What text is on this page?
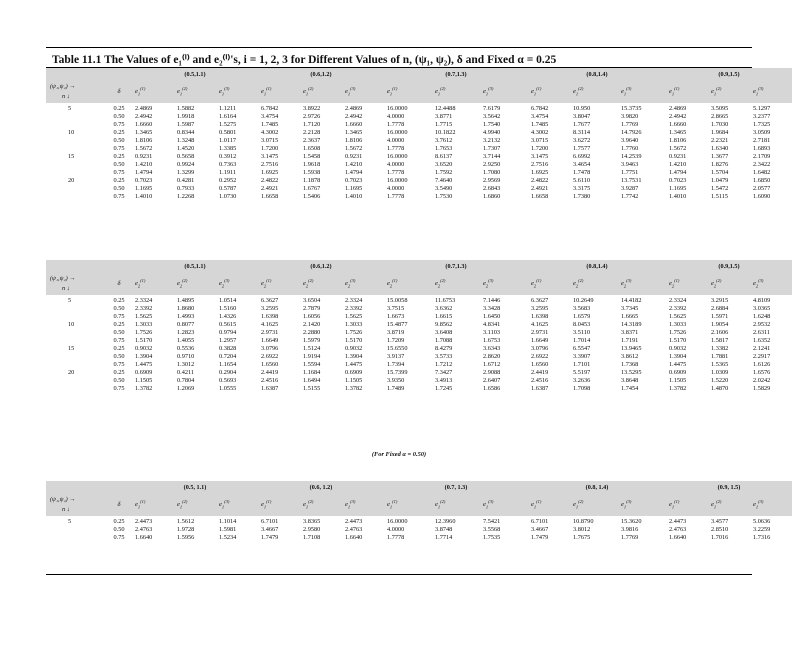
Table 11.1 The Values of e₁⁽ⁱ⁾ and e₂⁽ⁱ⁾'s, i = 1, 2, 3 for Different Values of n, (ψ₁, ψ₂), δ and Fixed α = 0.25
		(0.5,1.1)			(0.6,1.2)			(0.7,1.3)			(0.8,1.4)			(0.9,1.5)		

(ψ₁,ψ₂) →
n ↓	δ	$e_1^{(1)}$	$e_1^{(2)}$	$e_1^{(3)}$	$e_1^{(1)}$	$e_1^{(2)}$	$e_1^{(3)}$	$e_1^{(1)}$	$e_1^{(2)}$	$e_1^{(3)}$	$e_1^{(1)}$	$e_1^{(2)}$	$e_1^{(3)}$	$e_1^{(1)}$	$e_1^{(2)}$	$e_1^{(3)}$

5	0.25	2.4869	1.5882	1.1211	6.7842	3.8922	2.4869	16.0000	12.4488	7.6179	6.7842	10.950	15.3735	2.4869	3.5095	5.1297
	0.50	2.4942	1.9918	1.6164	3.4754	2.9726	2.4942	4.0000	3.8771	3.5642	3.4754	3.8047	3.9820	2.4942	2.8665	3.2377
	0.75	1.6660	1.5987	1.5275	1.7485	1.7120	1.6660	1.7778	1.7715	1.7540	1.7485	1.7677	1.7769	1.6660	1.7030	1.7325
10	0.25	1.3465	0.8344	0.5801	4.3002	2.2128	1.3465	16.0000	10.1822	4.9940	4.3002	8.3114	14.7926	1.3465	1.9684	3.0509
	0.50	1.8106	1.3248	1.0117	3.0715	2.3637	1.8106	4.0000	3.7612	3.2132	3.0715	3.6272	3.9640	1.8106	2.2321	2.7181
	0.75	1.5672	1.4520	1.3385	1.7200	1.6508	1.5672	1.7778	1.7653	1.7307	1.7200	1.7577	1.7760	1.5672	1.6340	1.6893
15	0.25	0.9231	0.5658	0.3912	3.1475	1.5458	0.9231	16.0000	8.6137	3.7144	3.1475	6.6992	14.2539	0.9231	1.3677	2.1709
	0.50	1.4210	0.9924	0.7363	2.7516	1.9618	1.4210	4.0000	3.6520	2.9250	2.7516	3.4654	3.9463	1.4210	1.8276	2.3422
	0.75	1.4794	1.3299	1.1911	1.6925	1.5938	1.4794	1.7778	1.7592	1.7080	1.6925	1.7478	1.7751	1.4794	1.5704	1.6482
20	0.25	0.7023	0.4281	0.2952	2.4822	1.1878	0.7023	16.0000	7.4640	2.9569	2.4822	5.6110	13.7531	0.7023	1.0479	1.6850
	0.50	1.1695	0.7933	0.5787	2.4921	1.6767	1.1695	4.0000	3.5490	2.6843	2.4921	3.3175	3.9287	1.1695	1.5472	2.0577
	0.75	1.4010	1.2268	1.0730	1.6658	1.5406	1.4010	1.7778	1.7530	1.6860	1.6658	1.7380	1.7742	1.4010	1.5115	1.6090
		(0.5,1.1)			(0.6,1.2)			(0.7,1.3)			(0.8,1.4)			(0.9,1.5)		

(ψ₁,ψ₂) →
n ↓	δ	$e_2^{(1)}$	$e_2^{(2)}$	$e_2^{(3)}$	$e_2^{(1)}$	$e_2^{(2)}$	$e_2^{(3)}$	$e_2^{(1)}$	$e_2^{(2)}$	$e_2^{(3)}$	$e_2^{(1)}$	$e_2^{(2)}$	$e_2^{(3)}$	$e_2^{(1)}$	$e_2^{(2)}$	$e_2^{(3)}$

5	0.25	2.3324	1.4895	1.0514	6.3627	3.6504	2.3324	15.0058	11.6753	7.1446	6.3627	10.2649	14.4182	2.3324	3.2915	4.8109
	0.50	2.3392	1.8680	1.5160	3.2595	2.7879	2.3392	3.7515	3.6362	3.3428	3.2595	3.5683	3.7345	2.3392	2.6884	3.0365
	0.75	1.5625	1.4993	1.4326	1.6398	1.6056	1.5625	1.6673	1.6615	1.6450	1.6398	1.6579	1.6665	1.5625	1.5971	1.6248
10	0.25	1.3033	0.8077	0.5615	4.1625	2.1420	1.3033	15.4877	9.8562	4.8341	4.1625	8.0453	14.3189	1.3033	1.9054	2.9532
	0.50	1.7526	1.2823	0.9794	2.9731	2.2880	1.7526	3.8719	3.6408	3.1103	2.9731	3.5110	3.8371	1.7526	2.1606	2.6311
	0.75	1.5170	1.4055	1.2957	1.6649	1.5979	1.5170	1.7209	1.7088	1.6753	1.6649	1.7014	1.7191	1.5170	1.5817	1.6352
15	0.25	0.9032	0.5536	0.3828	3.0796	1.5124	0.9032	15.6550	8.4279	3.6343	3.0796	6.5547	13.9465	0.9032	1.3382	2.1241
	0.50	1.3904	0.9710	0.7204	2.6922	1.9194	1.3904	3.9137	3.5733	2.8620	2.6922	3.3907	3.8612	1.3904	1.7881	2.2917
	0.75	1.4475	1.3012	1.1654	1.6560	1.5594	1.4475	1.7394	1.7212	1.6712	1.6560	1.7101	1.7368	1.4475	1.5365	1.6126
20	0.25	0.6909	0.4211	0.2904	2.4419	1.1684	0.6909	15.7399	7.3427	2.9088	2.4419	5.5197	13.5295	0.6909	1.0309	1.6576
	0.50	1.1505	0.7804	0.5693	2.4516	1.6494	1.1505	3.9350	3.4913	2.6407	2.4516	3.2636	3.8648	1.1505	1.5220	2.0242
	0.75	1.3782	1.2069	1.0555	1.6387	1.5155	1.3782	1.7489	1.7245	1.6586	1.6387	1.7098	1.7454	1.3782	1.4870	1.5829
(For Fixed α = 0.50)
		(0.5, 1.1)			(0.6, 1.2)			(0.7, 1.3)			(0.8, 1.4)			(0.9, 1.5)		

(ψ₁,ψ₂) →
n ↓	δ	$e_1^{(1)}$	$e_1^{(2)}$	$e_1^{(3)}$	$e_1^{(1)}$	$e_1^{(2)}$	$e_1^{(3)}$	$e_1^{(1)}$	$e_1^{(2)}$	$e_1^{(3)}$	$e_1^{(1)}$	$e_1^{(2)}$	$e_1^{(3)}$	$e_1^{(1)}$	$e_1^{(2)}$	$e_1^{(3)}$

5	0.25	2.4473	1.5612	1.1014	6.7101	3.8365	2.4473	16.0000	12.3960	7.5421	6.7101	10.8790	15.3620	2.4473	3.4577	5.0636
	0.50	2.4763	1.9728	1.5981	3.4667	2.9580	2.4763	4.0000	3.8748	3.5568	3.4667	3.8012	3.9816	2.4763	2.8510	3.2259
	0.75	1.6640	1.5956	1.5234	1.7479	1.7108	1.6640	1.7778	1.7714	1.7535	1.7479	1.7675	1.7769	1.6640	1.7016	1.7316
